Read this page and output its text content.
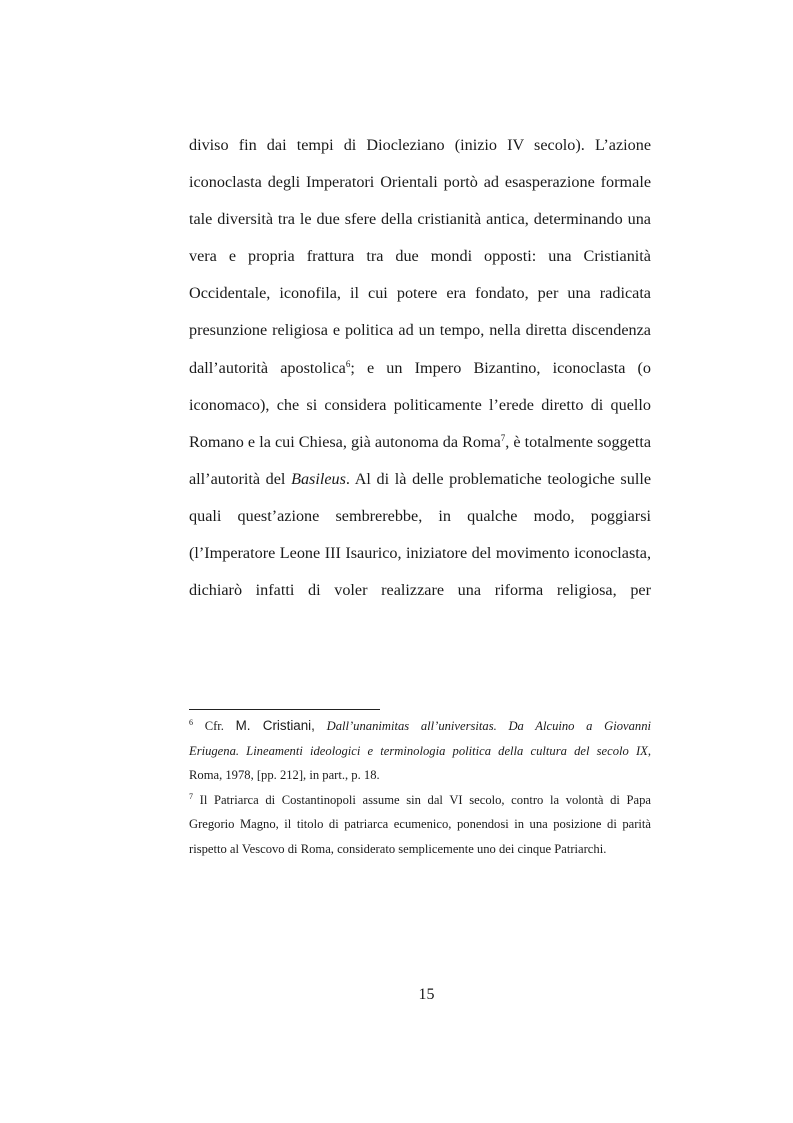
diviso fin dai tempi di Diocleziano (inizio IV secolo). L’azione
iconoclasta degli Imperatori Orientali portò ad esasperazione formale
tale diversità tra le due sfere della cristianità antica, determinando una
vera e propria frattura tra due mondi opposti: una Cristianità
Occidentale, iconofila, il cui potere era fondato, per una radicata
presunzione religiosa e politica ad un tempo, nella diretta discendenza
dall’autorità apostolica$^6$; e un Impero Bizantino, iconoclasta (o
iconomaco), che si considera politicamente l’erede diretto di quello
Romano e la cui Chiesa, già autonoma da Roma$^7$, è totalmente soggetta
all’autorità del Basileus. Al di là delle problematiche teologiche sulle
quali quest’azione sembrerebbe, in qualche modo, poggiarsi
(l’Imperatore Leone III Isaurico, iniziatore del movimento iconoclasta,
dichiarò infatti di voler realizzare una riforma religiosa, per
$^6$ Cfr. M. Cristiani, Dall’unanimitas all’universitas. Da Alcuino a Giovanni
Eriugena. Lineamenti ideologici e terminologia politica della cultura del secolo IX,
Roma, 1978, [pp. 212], in part., p. 18.
$^7$ Il Patriarca di Costantinopoli assume sin dal VI secolo, contro la volontà di Papa
Gregorio Magno, il titolo di patriarca ecumenico, ponendosi in una posizione di parità
rispetto al Vescovo di Roma, considerato semplicemente uno dei cinque Patriarchi.
15
